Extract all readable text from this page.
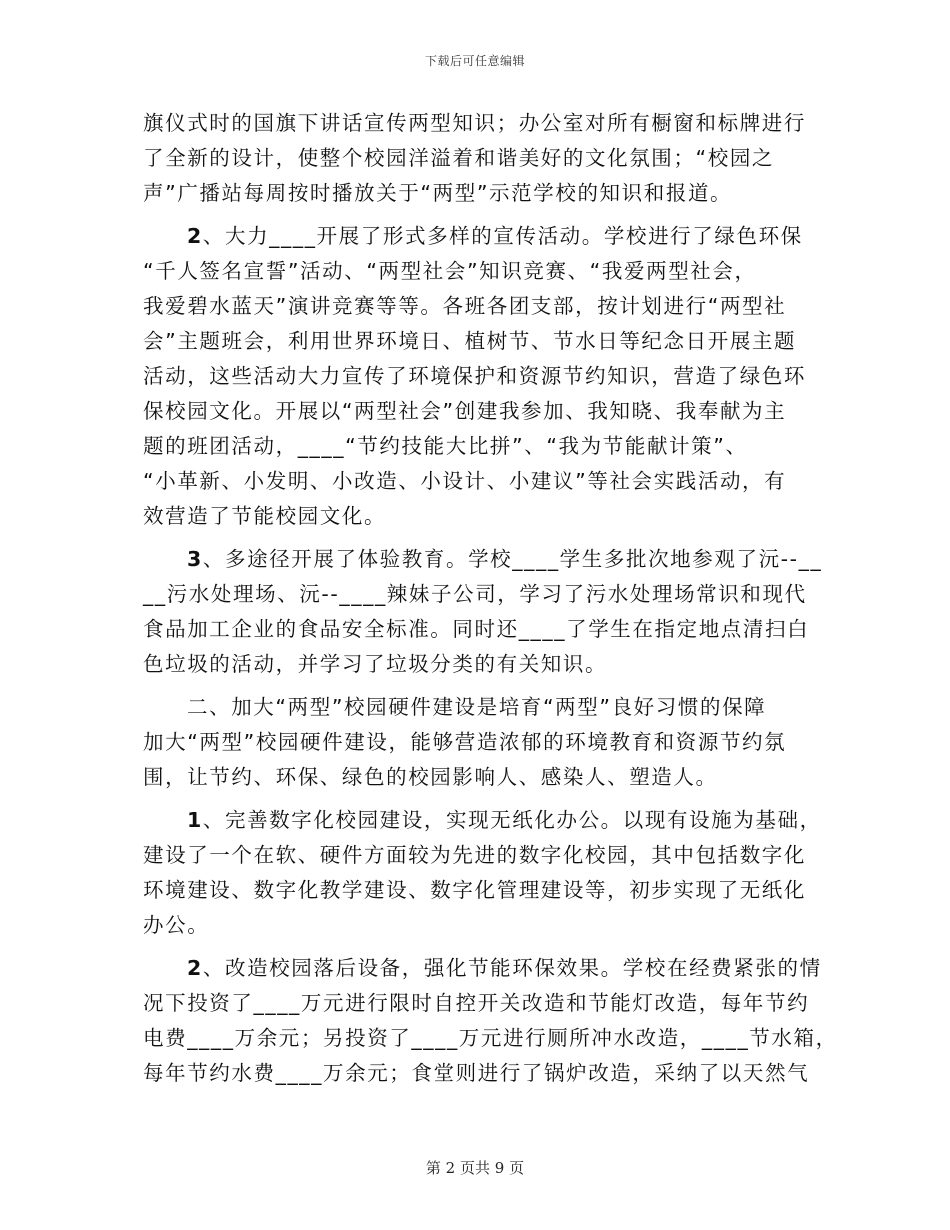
下载后可任意编辑
旗仪式时的国旗下讲话宣传两型知识；办公室对所有橱窗和标牌进行
了全新的设计，使整个校园洋溢着和谐美好的文化氛围；“校园之
声”广播站每周按时播放关于“两型”示范学校的知识和报道。
2、大力____开展了形式多样的宣传活动。学校进行了绿色环保
“千人签名宣誓”活动、“两型社会”知识竞赛、“我爱两型社会，
我爱碧水蓝天”演讲竞赛等等。各班各团支部，按计划进行“两型社
会”主题班会，利用世界环境日、植树节、节水日等纪念日开展主题
活动，这些活动大力宣传了环境保护和资源节约知识，营造了绿色环
保校园文化。开展以“两型社会”创建我参加、我知晓、我奉献为主
题的班团活动，____“节约技能大比拼”、“我为节能献计策”、
“小革新、小发明、小改造、小设计、小建议”等社会实践活动，有
效营造了节能校园文化。
3、多途径开展了体验教育。学校____学生多批次地参观了沅--__
__污水处理场、沅--____辣妹子公司，学习了污水处理场常识和现代
食品加工企业的食品安全标准。同时还____了学生在指定地点清扫白
色垃圾的活动，并学习了垃圾分类的有关知识。
二、加大“两型”校园硬件建设是培育“两型”良好习惯的保障
加大“两型”校园硬件建设，能够营造浓郁的环境教育和资源节约氛
围，让节约、环保、绿色的校园影响人、感染人、塑造人。
1、完善数字化校园建设，实现无纸化办公。以现有设施为基础，
建设了一个在软、硬件方面较为先进的数字化校园，其中包括数字化
环境建设、数字化教学建设、数字化管理建设等，初步实现了无纸化
办公。
2、改造校园落后设备，强化节能环保效果。学校在经费紧张的情
况下投资了____万元进行限时自控开关改造和节能灯改造，每年节约
电费____万余元；另投资了____万元进行厕所冲水改造，____节水箱，
每年节约水费____万余元；食堂则进行了锅炉改造，采纳了以天然气
第 2 页共 9 页
